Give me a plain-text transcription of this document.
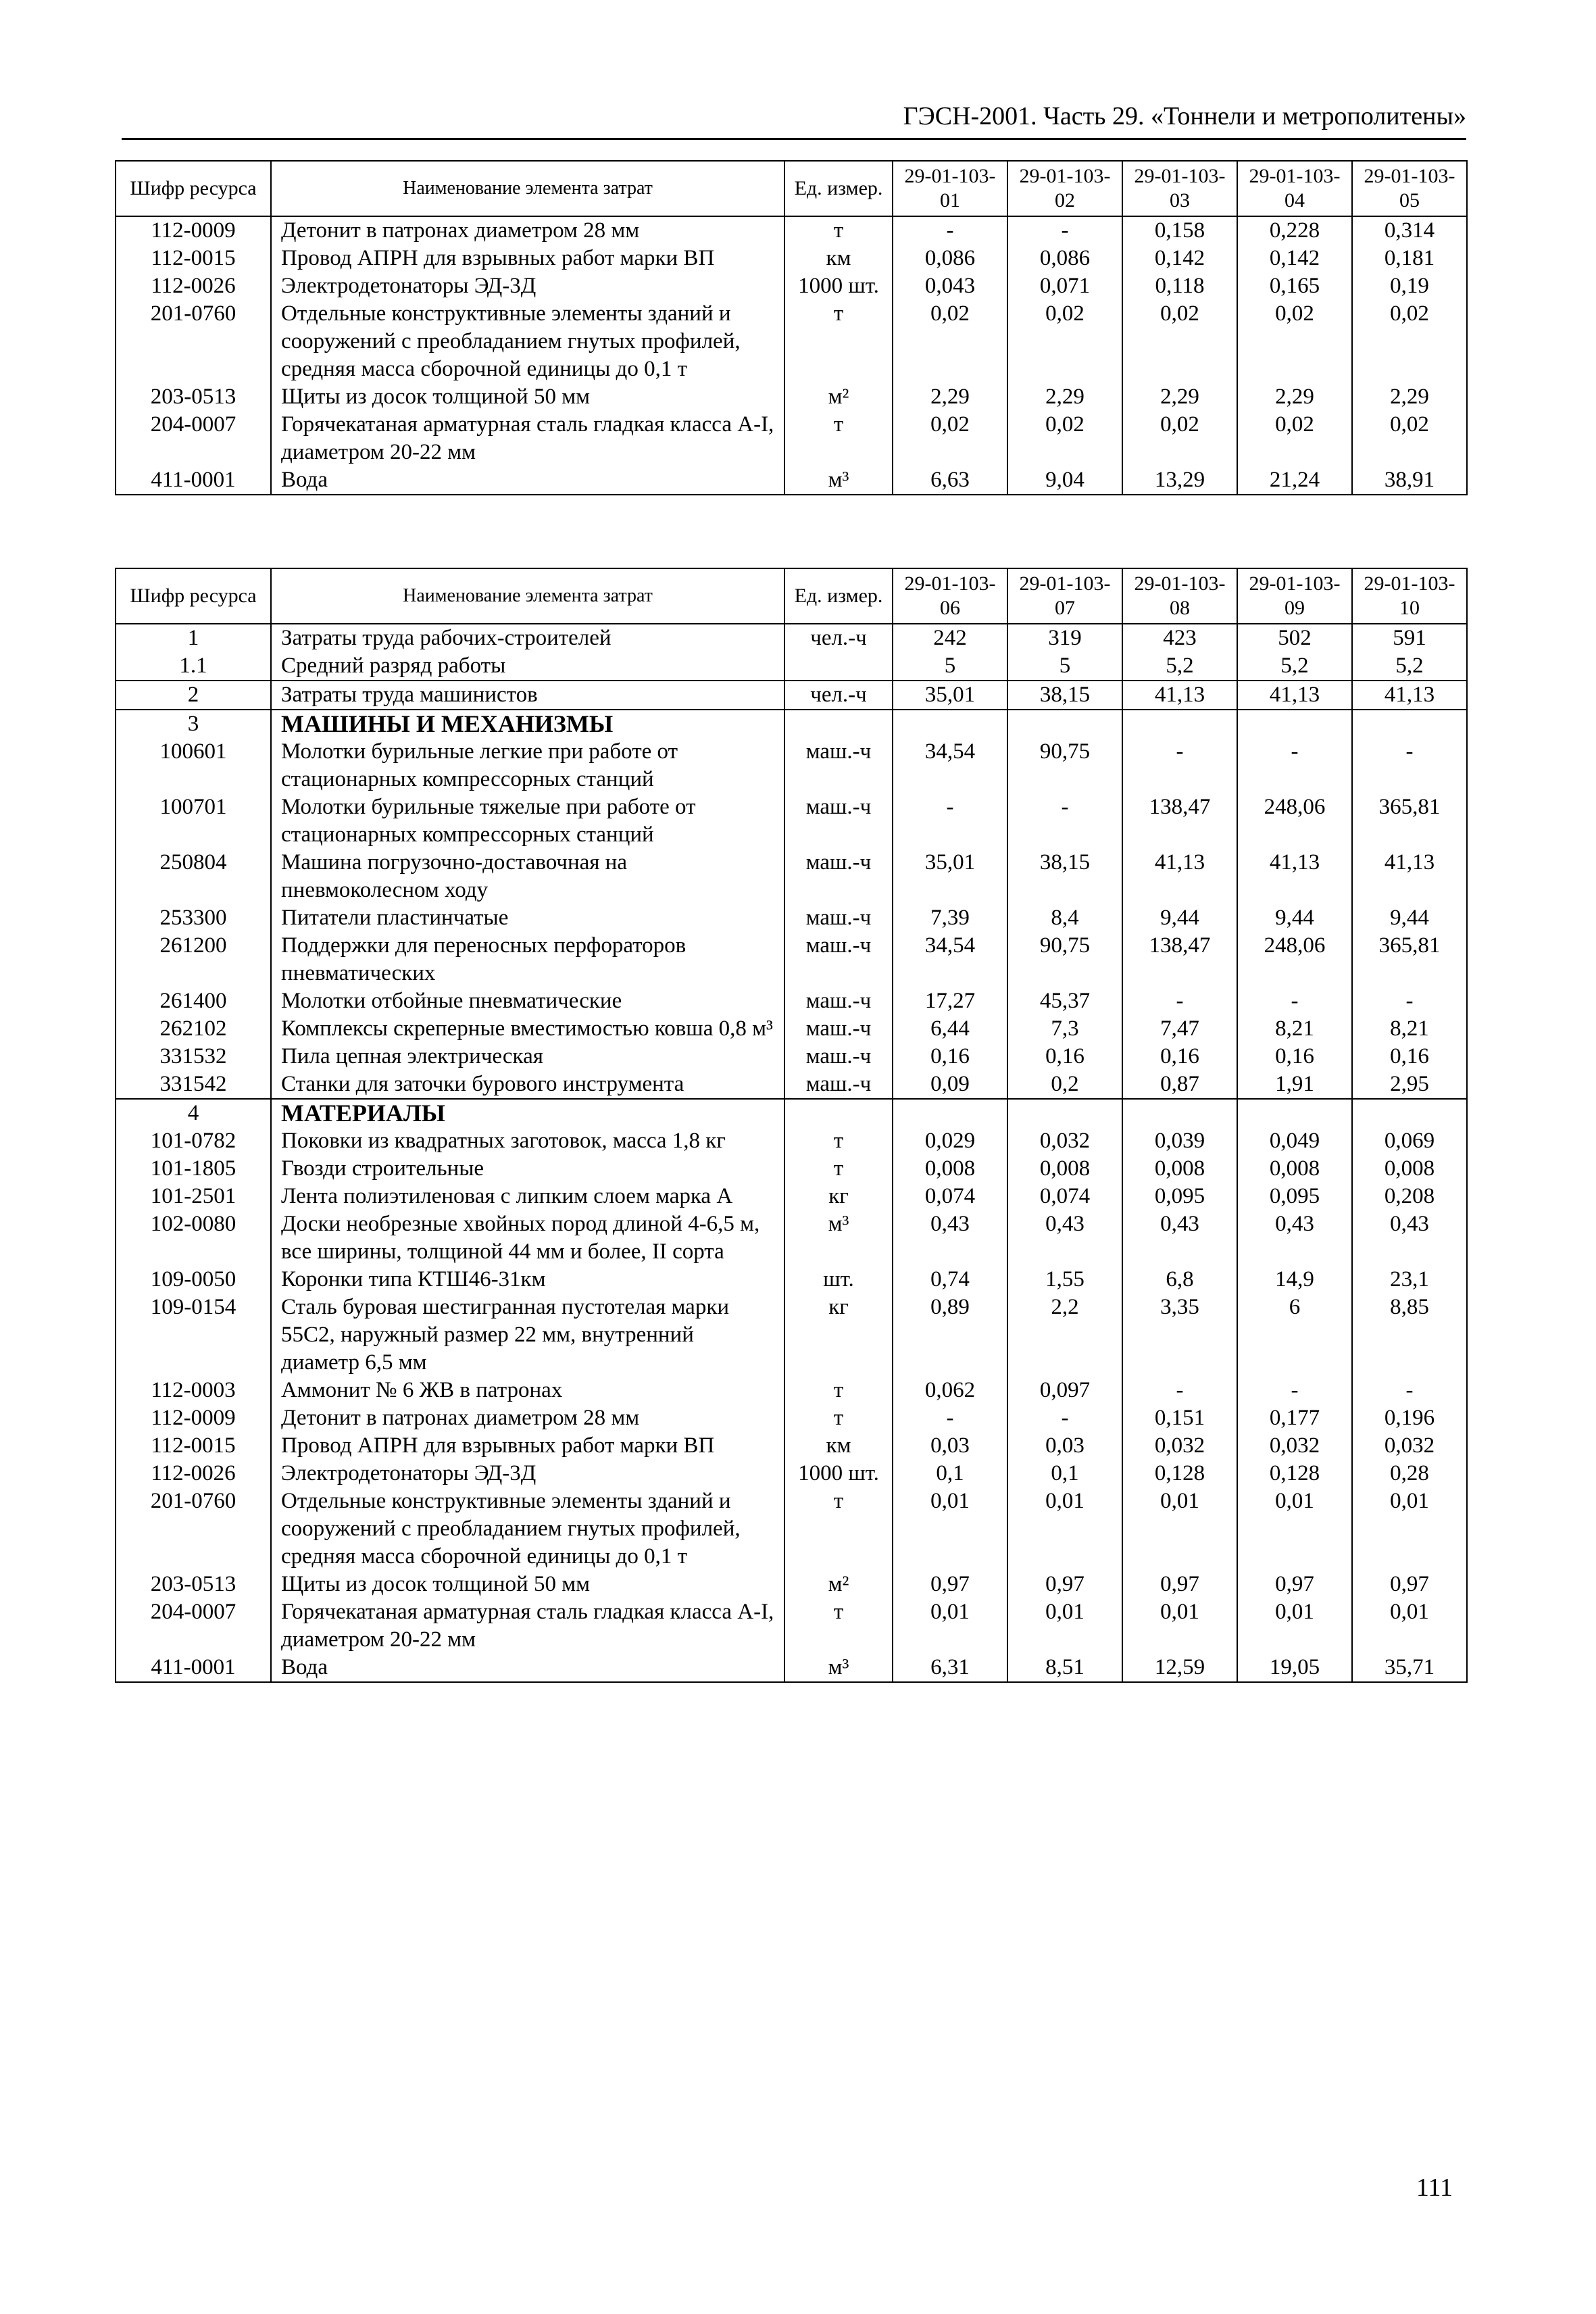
ГЭСН-2001. Часть 29. «Тоннели и метрополитены»
Шифр ресурса	Наименование элемента затрат	Ед. измер.	29-01-103-01	29-01-103-02	29-01-103-03	29-01-103-04	29-01-103-05
112-0009	Детонит в патронах диаметром 28 мм	т	-	-	0,158	0,228	0,314
112-0015	Провод АПРН для взрывных работ марки ВП	км	0,086	0,086	0,142	0,142	0,181
112-0026	Электродетонаторы ЭД-3Д	1000 шт.	0,043	0,071	0,118	0,165	0,19
201-0760	Отдельные конструктивные элементы зданий и сооружений с преобладанием гнутых профилей, средняя масса сборочной единицы до 0,1 т	т	0,02	0,02	0,02	0,02	0,02
203-0513	Щиты из досок толщиной 50 мм	м²	2,29	2,29	2,29	2,29	2,29
204-0007	Горячекатаная арматурная сталь гладкая класса А-I, диаметром 20-22 мм	т	0,02	0,02	0,02	0,02	0,02
411-0001	Вода	м³	6,63	9,04	13,29	21,24	38,91
Шифр ресурса	Наименование элемента затрат	Ед. измер.	29-01-103-06	29-01-103-07	29-01-103-08	29-01-103-09	29-01-103-10
1	Затраты труда рабочих-строителей	чел.-ч	242	319	423	502	591
1.1	Средний разряд работы		5	5	5,2	5,2	5,2
2	Затраты труда машинистов	чел.-ч	35,01	38,15	41,13	41,13	41,13
3	МАШИНЫ И МЕХАНИЗМЫ						
100601	Молотки бурильные легкие при работе от стационарных компрессорных станций	маш.-ч	34,54	90,75	-	-	-
100701	Молотки бурильные тяжелые при работе от стационарных компрессорных станций	маш.-ч	-	-	138,47	248,06	365,81
250804	Машина погрузочно-доставочная на пневмоколесном ходу	маш.-ч	35,01	38,15	41,13	41,13	41,13
253300	Питатели пластинчатые	маш.-ч	7,39	8,4	9,44	9,44	9,44
261200	Поддержки для переносных перфораторов пневматических	маш.-ч	34,54	90,75	138,47	248,06	365,81
261400	Молотки отбойные пневматические	маш.-ч	17,27	45,37	-	-	-
262102	Комплексы скреперные вместимостью ковша 0,8 м³	маш.-ч	6,44	7,3	7,47	8,21	8,21
331532	Пила цепная электрическая	маш.-ч	0,16	0,16	0,16	0,16	0,16
331542	Станки для заточки бурового инструмента	маш.-ч	0,09	0,2	0,87	1,91	2,95
4	МАТЕРИАЛЫ						
101-0782	Поковки из квадратных заготовок, масса 1,8 кг	т	0,029	0,032	0,039	0,049	0,069
101-1805	Гвозди строительные	т	0,008	0,008	0,008	0,008	0,008
101-2501	Лента полиэтиленовая с липким слоем марка А	кг	0,074	0,074	0,095	0,095	0,208
102-0080	Доски необрезные хвойных пород длиной 4-6,5 м, все ширины, толщиной 44 мм и более, II сорта	м³	0,43	0,43	0,43	0,43	0,43
109-0050	Коронки типа КТШ46-31км	шт.	0,74	1,55	6,8	14,9	23,1
109-0154	Сталь буровая шестигранная пустотелая марки 55С2, наружный размер 22 мм, внутренний диаметр 6,5 мм	кг	0,89	2,2	3,35	6	8,85
112-0003	Аммонит № 6 ЖВ в патронах	т	0,062	0,097	-	-	-
112-0009	Детонит в патронах диаметром 28 мм	т	-	-	0,151	0,177	0,196
112-0015	Провод АПРН для взрывных работ марки ВП	км	0,03	0,03	0,032	0,032	0,032
112-0026	Электродетонаторы ЭД-3Д	1000 шт.	0,1	0,1	0,128	0,128	0,28
201-0760	Отдельные конструктивные элементы зданий и сооружений с преобладанием гнутых профилей, средняя масса сборочной единицы до 0,1 т	т	0,01	0,01	0,01	0,01	0,01
203-0513	Щиты из досок толщиной 50 мм	м²	0,97	0,97	0,97	0,97	0,97
204-0007	Горячекатаная арматурная сталь гладкая класса А-I, диаметром 20-22 мм	т	0,01	0,01	0,01	0,01	0,01
411-0001	Вода	м³	6,31	8,51	12,59	19,05	35,71
111
